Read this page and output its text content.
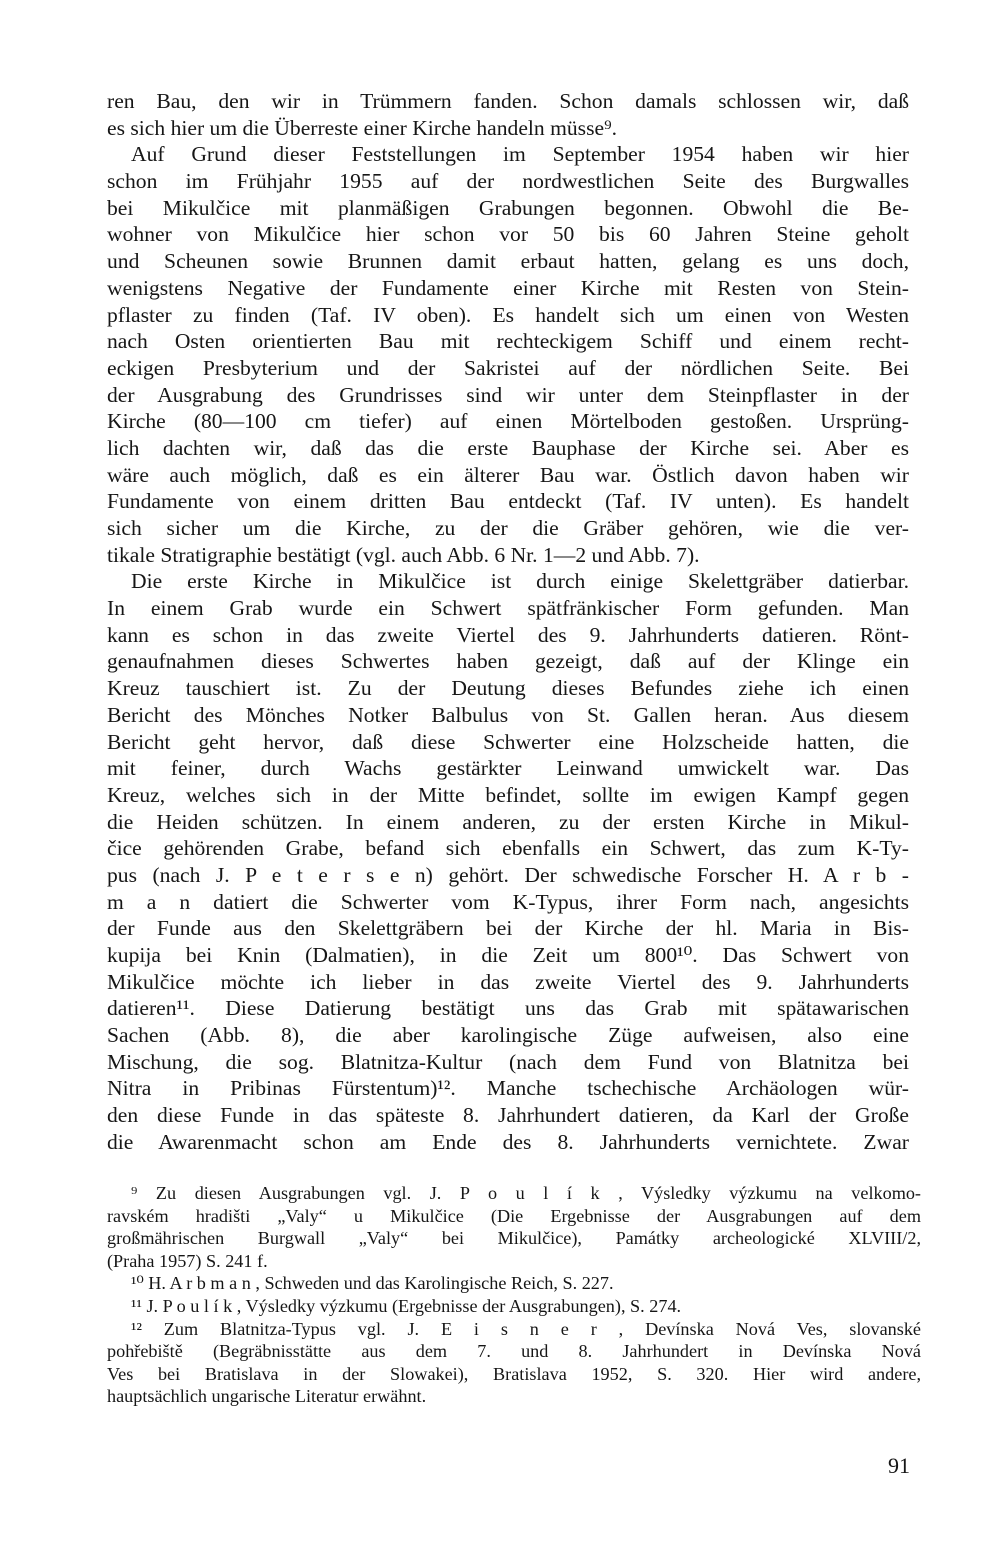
ren Bau, den wir in Trümmern fanden. Schon damals schlossen wir, daß
es sich hier um die Überreste einer Kirche handeln müsse⁹.
Auf Grund dieser Feststellungen im September 1954 haben wir hier
schon im Frühjahr 1955 auf der nordwestlichen Seite des Burgwalles
bei Mikulčice mit planmäßigen Grabungen begonnen. Obwohl die Be-
wohner von Mikulčice hier schon vor 50 bis 60 Jahren Steine geholt
und Scheunen sowie Brunnen damit erbaut hatten, gelang es uns doch,
wenigstens Negative der Fundamente einer Kirche mit Resten von Stein-
pflaster zu finden (Taf. IV oben). Es handelt sich um einen von Westen
nach Osten orientierten Bau mit rechteckigem Schiff und einem recht-
eckigen Presbyterium und der Sakristei auf der nördlichen Seite. Bei
der Ausgrabung des Grundrisses sind wir unter dem Steinpflaster in der
Kirche (80—100 cm tiefer) auf einen Mörtelboden gestoßen. Ursprüng-
lich dachten wir, daß das die erste Bauphase der Kirche sei. Aber es
wäre auch möglich, daß es ein älterer Bau war. Östlich davon haben wir
Fundamente von einem dritten Bau entdeckt (Taf. IV unten). Es handelt
sich sicher um die Kirche, zu der die Gräber gehören, wie die ver-
tikale Stratigraphie bestätigt (vgl. auch Abb. 6 Nr. 1—2 und Abb. 7).
Die erste Kirche in Mikulčice ist durch einige Skelettgräber datierbar.
In einem Grab wurde ein Schwert spätfränkischer Form gefunden. Man
kann es schon in das zweite Viertel des 9. Jahrhunderts datieren. Rönt-
genaufnahmen dieses Schwertes haben gezeigt, daß auf der Klinge ein
Kreuz tauschiert ist. Zu der Deutung dieses Befundes ziehe ich einen
Bericht des Mönches Notker Balbulus von St. Gallen heran. Aus diesem
Bericht geht hervor, daß diese Schwerter eine Holzscheide hatten, die
mit feiner, durch Wachs gestärkter Leinwand umwickelt war. Das
Kreuz, welches sich in der Mitte befindet, sollte im ewigen Kampf gegen
die Heiden schützen. In einem anderen, zu der ersten Kirche in Mikul-
čice gehörenden Grabe, befand sich ebenfalls ein Schwert, das zum K-Ty-
pus (nach J. P e t e r s e n) gehört. Der schwedische Forscher H. A r b -
m a n datiert die Schwerter vom K-Typus, ihrer Form nach, angesichts
der Funde aus den Skelettgräbern bei der Kirche der hl. Maria in Bis-
kupija bei Knin (Dalmatien), in die Zeit um 800¹⁰. Das Schwert von
Mikulčice möchte ich lieber in das zweite Viertel des 9. Jahrhunderts
datieren¹¹. Diese Datierung bestätigt uns das Grab mit spätawarischen
Sachen (Abb. 8), die aber karolingische Züge aufweisen, also eine
Mischung, die sog. Blatnitza-Kultur (nach dem Fund von Blatnitza bei
Nitra in Pribinas Fürstentum)¹². Manche tschechische Archäologen wür-
den diese Funde in das späteste 8. Jahrhundert datieren, da Karl der Große
die Awarenmacht schon am Ende des 8. Jahrhunderts vernichtete. Zwar
⁹ Zu diesen Ausgrabungen vgl. J. P o u l í k , Výsledky výzkumu na velkomo-
ravském hradišti „Valy“ u Mikulčice (Die Ergebnisse der Ausgrabungen auf dem
großmährischen Burgwall „Valy“ bei Mikulčice), Památky archeologické XLVIII/2,
(Praha 1957) S. 241 f.
¹⁰ H. A r b m a n , Schweden und das Karolingische Reich, S. 227.
¹¹ J. P o u l í k , Výsledky výzkumu (Ergebnisse der Ausgrabungen), S. 274.
¹² Zum Blatnitza-Typus vgl. J. E i s n e r , Devínska Nová Ves, slovanské
pohřebiště (Begräbnisstätte aus dem 7. und 8. Jahrhundert in Devínska Nová
Ves bei Bratislava in der Slowakei), Bratislava 1952, S. 320. Hier wird andere,
hauptsächlich ungarische Literatur erwähnt.
91
